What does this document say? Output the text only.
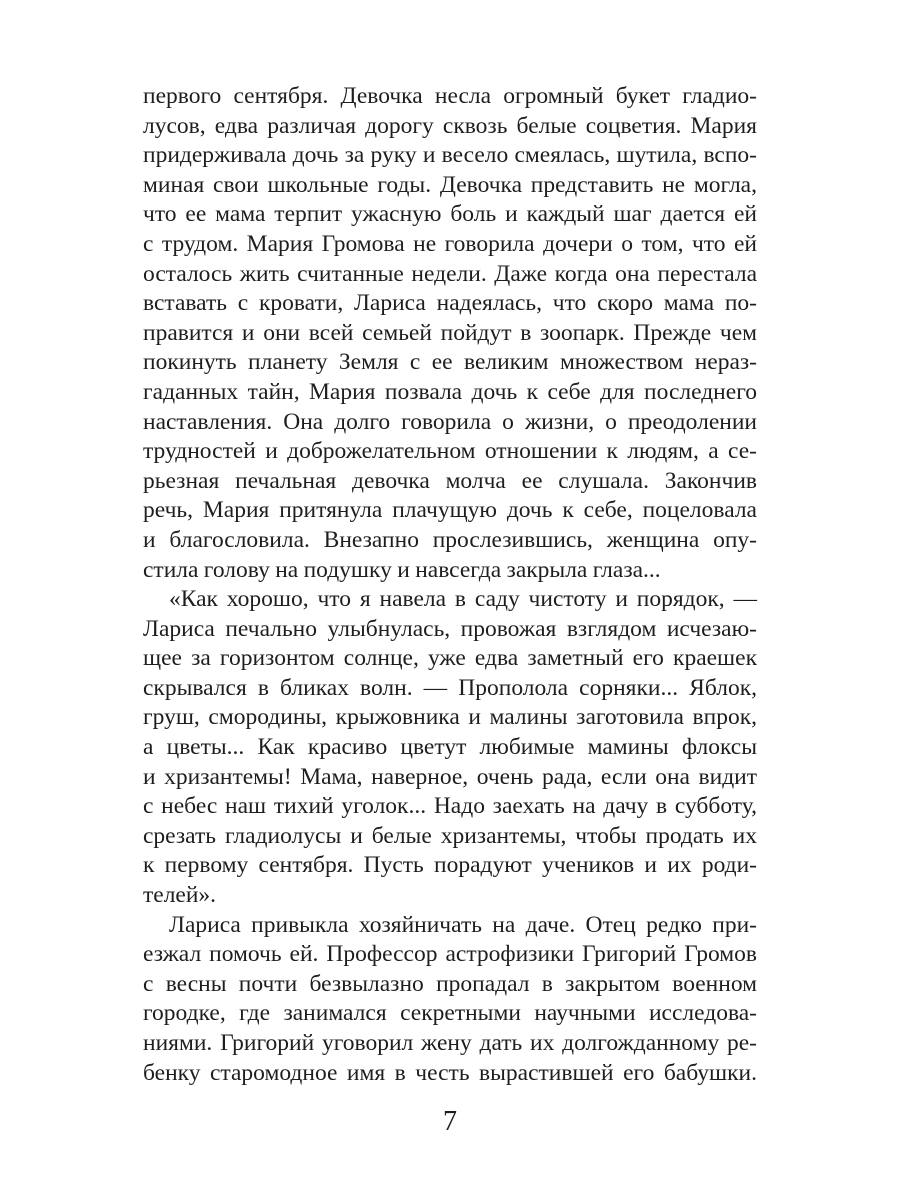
первого сентября. Девочка несла огромный букет гладио-
лусов, едва различая дорогу сквозь белые соцветия. Мария
придерживала дочь за руку и весело смеялась, шутила, вспо-
миная свои школьные годы. Девочка представить не могла,
что ее мама терпит ужасную боль и каждый шаг дается ей
с трудом. Мария Громова не говорила дочери о том, что ей
осталось жить считанные недели. Даже когда она перестала
вставать с кровати, Лариса надеялась, что скоро мама по-
правится и они всей семьей пойдут в зоопарк. Прежде чем
покинуть планету Земля с ее великим множеством нераз-
гаданных тайн, Мария позвала дочь к себе для последнего
наставления. Она долго говорила о жизни, о преодолении
трудностей и доброжелательном отношении к людям, а се-
рьезная печальная девочка молча ее слушала. Закончив
речь, Мария притянула плачущую дочь к себе, поцеловала
и благословила. Внезапно прослезившись, женщина опу-
стила голову на подушку и навсегда закрыла глаза...
«Как хорошо, что я навела в саду чистоту и порядок, —
Лариса печально улыбнулась, провожая взглядом исчезаю-
щее за горизонтом солнце, уже едва заметный его краешек
скрывался в бликах волн. — Прополола сорняки... Яблок,
груш, смородины, крыжовника и малины заготовила впрок,
а цветы... Как красиво цветут любимые мамины флоксы
и хризантемы! Мама, наверное, очень рада, если она видит
с небес наш тихий уголок... Надо заехать на дачу в субботу,
срезать гладиолусы и белые хризантемы, чтобы продать их
к первому сентября. Пусть порадуют учеников и их роди-
телей».
Лариса привыкла хозяйничать на даче. Отец редко при-
езжал помочь ей. Профессор астрофизики Григорий Громов
с весны почти безвылазно пропадал в закрытом военном
городке, где занимался секретными научными исследова-
ниями. Григорий уговорил жену дать их долгожданному ре-
бенку старомодное имя в честь вырастившей его бабушки.
7
